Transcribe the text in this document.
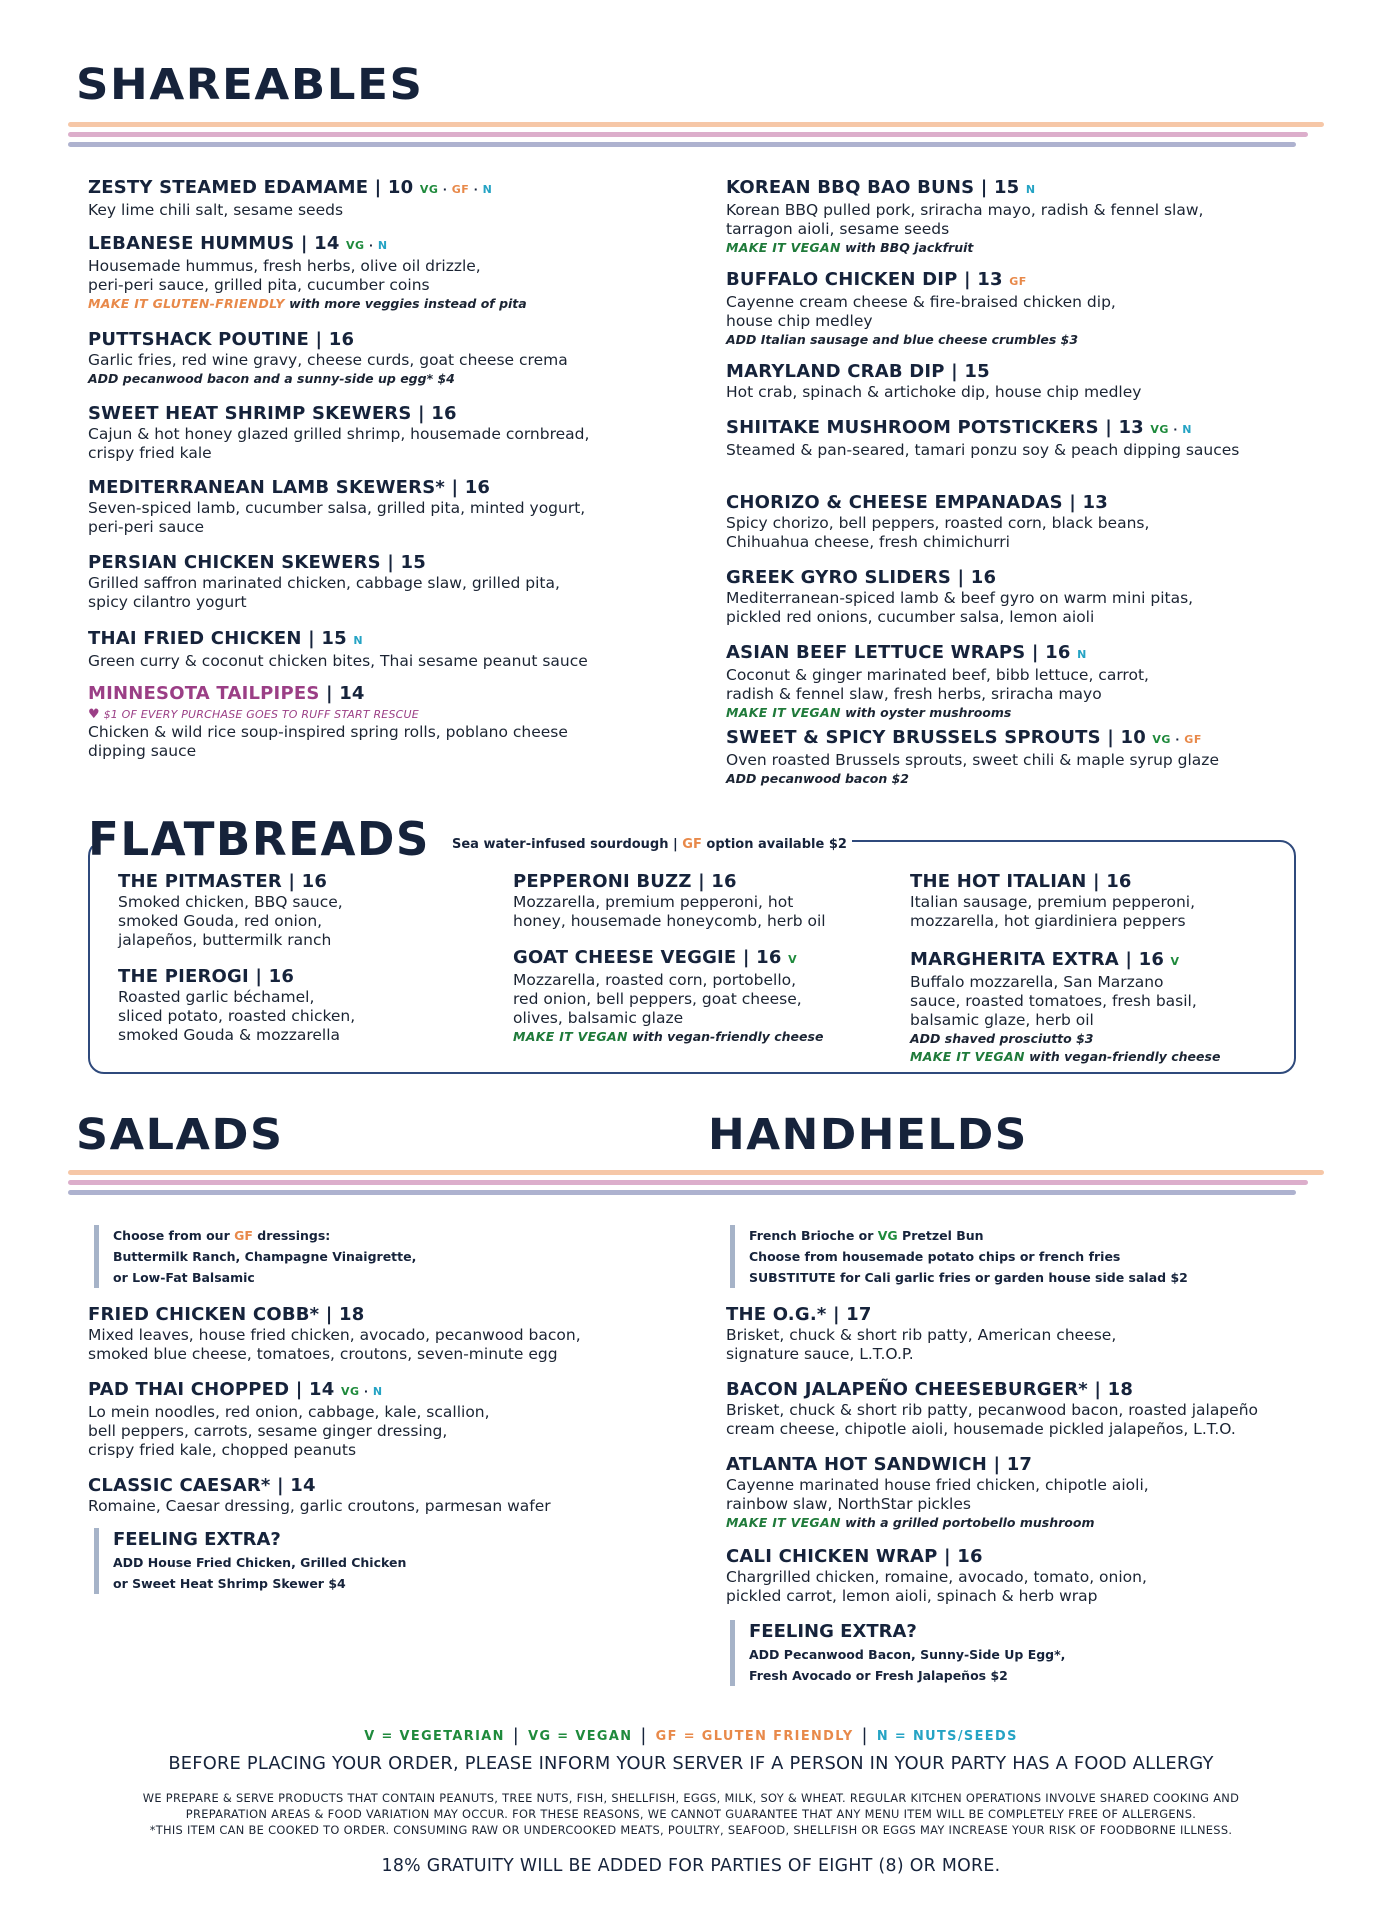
SHAREABLES
MINNESOTA TAILPIPES | 14
♥ $1 OF EVERY PURCHASE GOES TO RUFF START RESCUE
Chicken & wild rice soup-inspired spring rolls, poblano cheese
dipping sauce
FLATBREADS Sea water-infused sourdough | GF option available $2
SALADS	HANDHELDS
Choose from our GF dressings:
Buttermilk Ranch, Champagne Vinaigrette,
or Low-Fat Balsamic
FEELING EXTRA?
ADD House Fried Chicken, Grilled Chicken
or Sweet Heat Shrimp Skewer $4
French Brioche or VG Pretzel Bun
Choose from housemade potato chips or french fries
SUBSTITUTE for Cali garlic fries or garden house side salad $2
FEELING EXTRA?
ADD Pecanwood Bacon, Sunny-Side Up Egg*,
Fresh Avocado or Fresh Jalapeños $2
V = VEGETARIAN | VG = VEGAN | GF = GLUTEN FRIENDLY | N = NUTS/SEEDS
BEFORE PLACING YOUR ORDER, PLEASE INFORM YOUR SERVER IF A PERSON IN YOUR PARTY HAS A FOOD ALLERGY
WE PREPARE & SERVE PRODUCTS THAT CONTAIN PEANUTS, TREE NUTS, FISH, SHELLFISH, EGGS, MILK, SOY & WHEAT. REGULAR KITCHEN OPERATIONS INVOLVE SHARED COOKING AND
PREPARATION AREAS & FOOD VARIATION MAY OCCUR. FOR THESE REASONS, WE CANNOT GUARANTEE THAT ANY MENU ITEM WILL BE COMPLETELY FREE OF ALLERGENS.
*THIS ITEM CAN BE COOKED TO ORDER. CONSUMING RAW OR UNDERCOOKED MEATS, POULTRY, SEAFOOD, SHELLFISH OR EGGS MAY INCREASE YOUR RISK OF FOODBORNE ILLNESS.
18% GRATUITY WILL BE ADDED FOR PARTIES OF EIGHT (8) OR MORE.
ZESTY STEAMED EDAMAME | 10 VG · GF · N
Key lime chili salt, sesame seeds
LEBANESE HUMMUS | 14 VG · N
Housemade hummus, fresh herbs, olive oil drizzle,
peri-peri sauce, grilled pita, cucumber coins
MAKE IT GLUTEN-FRIENDLY with more veggies instead of pita
PUTTSHACK POUTINE | 16
Garlic fries, red wine gravy, cheese curds, goat cheese crema
ADD pecanwood bacon and a sunny-side up egg* $4
SWEET HEAT SHRIMP SKEWERS | 16
Cajun & hot honey glazed grilled shrimp, housemade cornbread,
crispy fried kale
MEDITERRANEAN LAMB SKEWERS* | 16
Seven-spiced lamb, cucumber salsa, grilled pita, minted yogurt,
peri-peri sauce
PERSIAN CHICKEN SKEWERS | 15
Grilled saffron marinated chicken, cabbage slaw, grilled pita,
spicy cilantro yogurt
THAI FRIED CHICKEN | 15 N
Green curry & coconut chicken bites, Thai sesame peanut sauce
KOREAN BBQ BAO BUNS | 15 N
Korean BBQ pulled pork, sriracha mayo, radish & fennel slaw,
tarragon aioli, sesame seeds
MAKE IT VEGAN with BBQ jackfruit
BUFFALO CHICKEN DIP | 13 GF
Cayenne cream cheese & fire-braised chicken dip,
house chip medley
ADD Italian sausage and blue cheese crumbles $3
MARYLAND CRAB DIP | 15
Hot crab, spinach & artichoke dip, house chip medley
SHIITAKE MUSHROOM POTSTICKERS | 13 VG · N
Steamed & pan-seared, tamari ponzu soy & peach dipping sauces
CHORIZO & CHEESE EMPANADAS | 13
Spicy chorizo, bell peppers, roasted corn, black beans,
Chihuahua cheese, fresh chimichurri
GREEK GYRO SLIDERS | 16
Mediterranean-spiced lamb & beef gyro on warm mini pitas,
pickled red onions, cucumber salsa, lemon aioli
ASIAN BEEF LETTUCE WRAPS | 16 N
Coconut & ginger marinated beef, bibb lettuce, carrot,
radish & fennel slaw, fresh herbs, sriracha mayo
MAKE IT VEGAN with oyster mushrooms
SWEET & SPICY BRUSSELS SPROUTS | 10 VG · GF
Oven roasted Brussels sprouts, sweet chili & maple syrup glaze
ADD pecanwood bacon $2
THE PITMASTER | 16
Smoked chicken, BBQ sauce,
smoked Gouda, red onion,
jalapeños, buttermilk ranch
THE PIEROGI | 16
Roasted garlic béchamel,
sliced potato, roasted chicken,
smoked Gouda & mozzarella
PEPPERONI BUZZ | 16
Mozzarella, premium pepperoni, hot
honey, housemade honeycomb, herb oil
GOAT CHEESE VEGGIE | 16 V
Mozzarella, roasted corn, portobello,
red onion, bell peppers, goat cheese,
olives, balsamic glaze
MAKE IT VEGAN with vegan-friendly cheese
THE HOT ITALIAN | 16
Italian sausage, premium pepperoni,
mozzarella, hot giardiniera peppers
MARGHERITA EXTRA | 16 V
Buffalo mozzarella, San Marzano
sauce, roasted tomatoes, fresh basil,
balsamic glaze, herb oil
ADD shaved prosciutto $3
MAKE IT VEGAN with vegan-friendly cheese
FRIED CHICKEN COBB* | 18
Mixed leaves, house fried chicken, avocado, pecanwood bacon,
smoked blue cheese, tomatoes, croutons, seven-minute egg
PAD THAI CHOPPED | 14 VG · N
Lo mein noodles, red onion, cabbage, kale, scallion,
bell peppers, carrots, sesame ginger dressing,
crispy fried kale, chopped peanuts
CLASSIC CAESAR* | 14
Romaine, Caesar dressing, garlic croutons, parmesan wafer
THE O.G.* | 17
Brisket, chuck & short rib patty, American cheese,
signature sauce, L.T.O.P.
BACON JALAPEÑO CHEESEBURGER* | 18
Brisket, chuck & short rib patty, pecanwood bacon, roasted jalapeño
cream cheese, chipotle aioli, housemade pickled jalapeños, L.T.O.
ATLANTA HOT SANDWICH | 17
Cayenne marinated house fried chicken, chipotle aioli,
rainbow slaw, NorthStar pickles
MAKE IT VEGAN with a grilled portobello mushroom
CALI CHICKEN WRAP | 16
Chargrilled chicken, romaine, avocado, tomato, onion,
pickled carrot, lemon aioli, spinach & herb wrap
